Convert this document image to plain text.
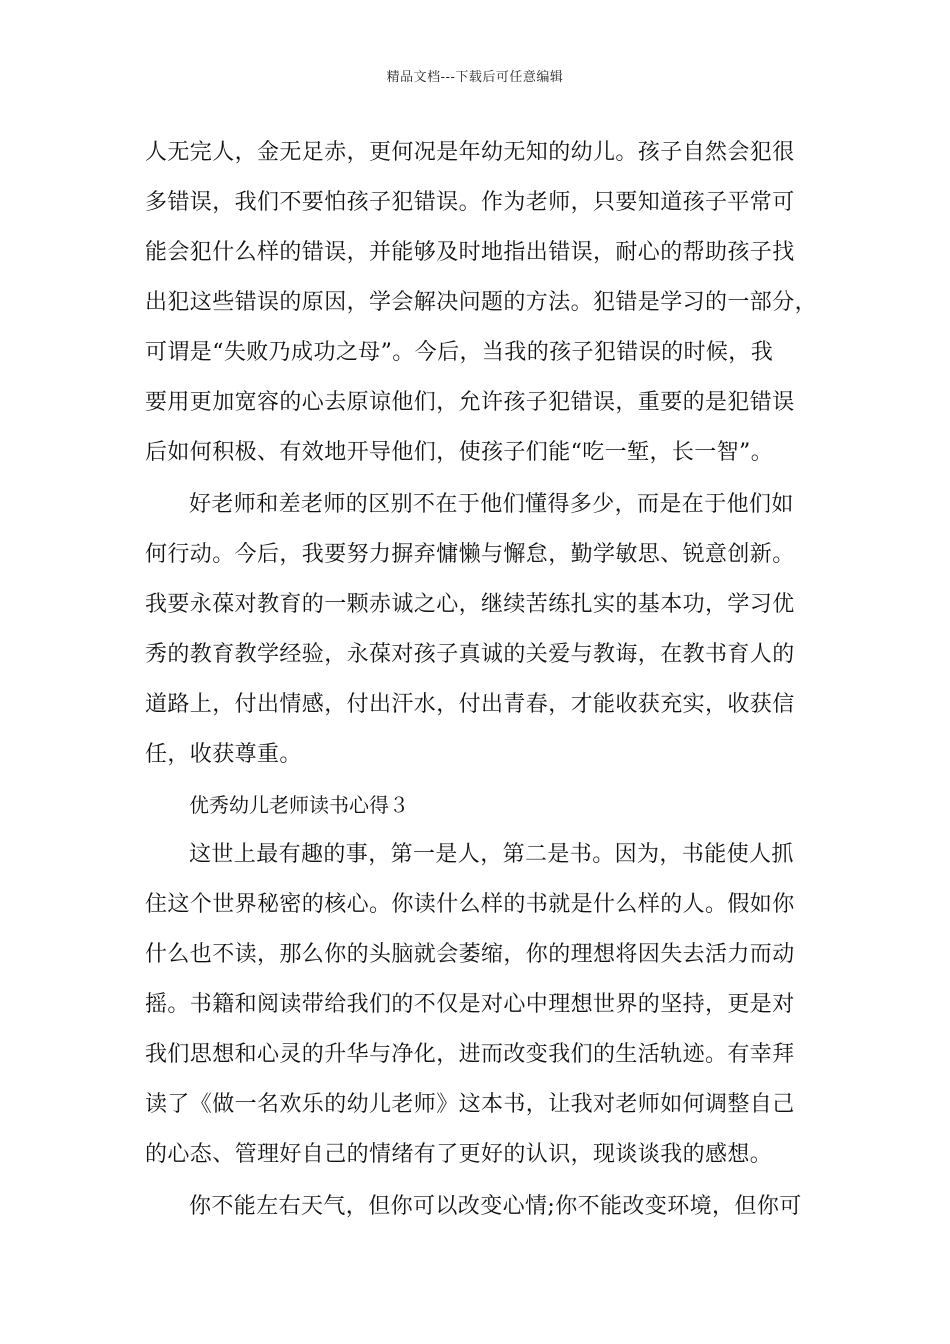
精品文档---下载后可任意编辑
人无完人，金无足赤，更何况是年幼无知的幼儿。孩子自然会犯很
多错误，我们不要怕孩子犯错误。作为老师，只要知道孩子平常可
能会犯什么样的错误，并能够及时地指出错误，耐心的帮助孩子找
出犯这些错误的原因，学会解决问题的方法。犯错是学习的一部分，
可谓是“失败乃成功之母”。今后，当我的孩子犯错误的时候，我
要用更加宽容的心去原谅他们，允许孩子犯错误，重要的是犯错误
后如何积极、有效地开导他们，使孩子们能“吃一堑，长一智”。
好老师和差老师的区别不在于他们懂得多少，而是在于他们如
何行动。今后，我要努力摒弃慵懒与懈怠，勤学敏思、锐意创新。
我要永葆对教育的一颗赤诚之心，继续苦练扎实的基本功，学习优
秀的教育教学经验，永葆对孩子真诚的关爱与教诲，在教书育人的
道路上，付出情感，付出汗水，付出青春，才能收获充实，收获信
任，收获尊重。
优秀幼儿老师读书心得３
这世上最有趣的事，第一是人，第二是书。因为，书能使人抓
住这个世界秘密的核心。你读什么样的书就是什么样的人。假如你
什么也不读，那么你的头脑就会萎缩，你的理想将因失去活力而动
摇。书籍和阅读带给我们的不仅是对心中理想世界的坚持，更是对
我们思想和心灵的升华与净化，进而改变我们的生活轨迹。有幸拜
读了《做一名欢乐的幼儿老师》这本书，让我对老师如何调整自己
的心态、管理好自己的情绪有了更好的认识，现谈谈我的感想。
你不能左右天气，但你可以改变心情;你不能改变环境，但你可
